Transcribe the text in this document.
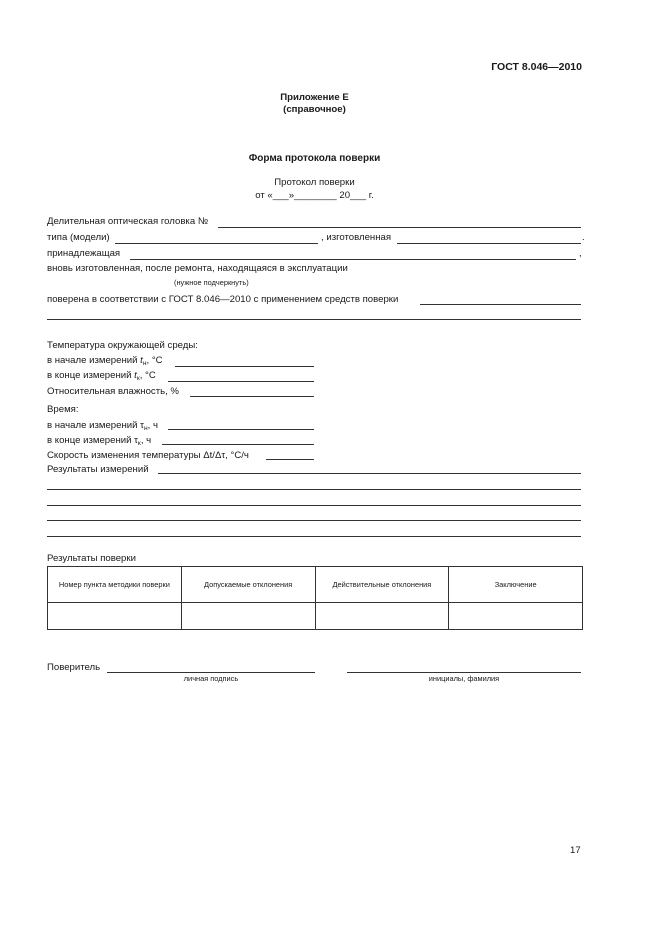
ГОСТ 8.046—2010
Приложение Е
(справочное)
Форма протокола поверки
Протокол поверки
от «___»________ 20___ г.
Делительная оптическая головка №
типа (модели)	, изготовленная	.
принадлежащая	,
вновь изготовленная, после ремонта, находящаяся в эксплуатации
(нужное подчеркнуть)
поверена в соответствии с ГОСТ 8.046—2010 с применением средств поверки
Температура окружающей среды:
в начале измерений $t_н$, °С
в конце измерений $t_к$, °С
Относительная влажность, %
Время:
в начале измерений $\tau_н$, ч
в конце измерений $\tau_к$, ч
Скорость изменения температуры Δt/Δτ, °С/ч
Результаты измерений
Результаты поверки
Номер пункта методики поверки	Допускаемые отклонения	Действительные отклонения	Заключение

Поверитель
личная подпись	инициалы, фамилия
17
